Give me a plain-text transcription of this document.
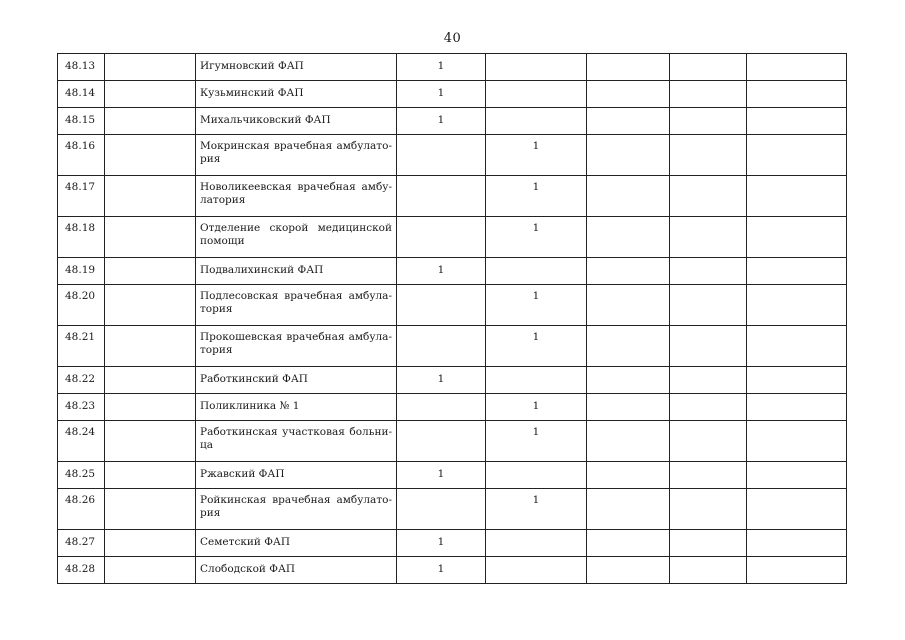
40
48.13		Игумновский ФАП	1				
48.14		Кузьминский ФАП	1				
48.15		Михальчиковский ФАП	1				
48.16		Мокринская врачебная амбулато-рия		1			
48.17		Новоликеевская врачебная амбу-латория		1			
48.18		Отделение скорой медицинской помощи		1			
48.19		Подвалихинский ФАП	1				
48.20		Подлесовская врачебная амбула-тория		1			
48.21		Прокошевская врачебная амбула-тория		1			
48.22		Работкинский ФАП	1				
48.23		Поликлиника № 1		1			
48.24		Работкинская участковая больни-ца		1			
48.25		Ржавский ФАП	1				
48.26		Ройкинская врачебная амбулато-рия		1			
48.27		Семетский ФАП	1				
48.28		Слободской ФАП	1				
